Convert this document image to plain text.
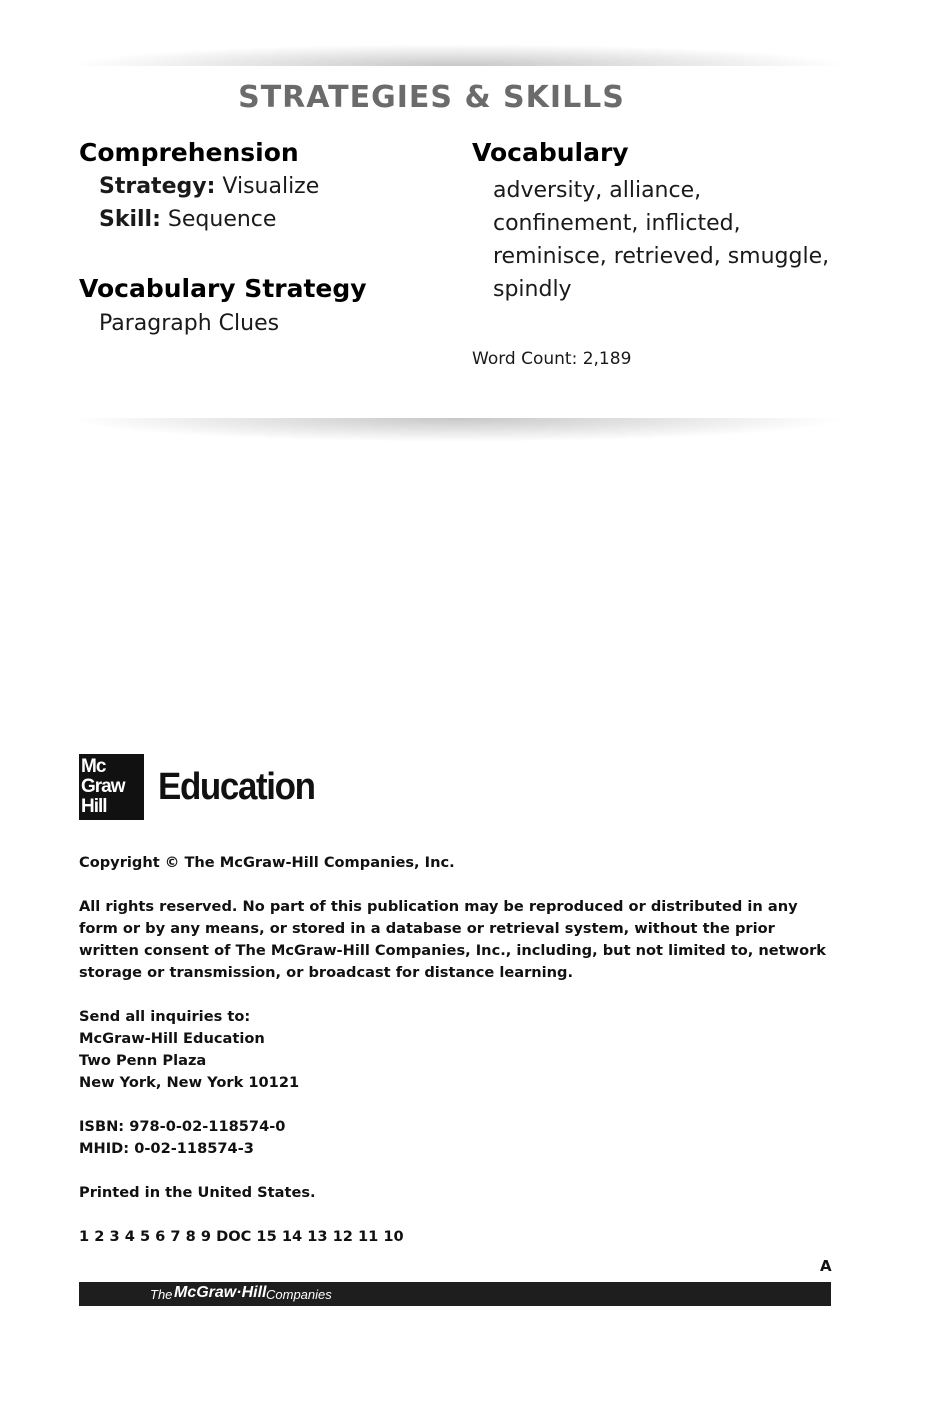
STRATEGIES & SKILLS
Comprehension
Strategy: Visualize
Skill: Sequence
Vocabulary Strategy
Paragraph Clues
Vocabulary
adversity, alliance, confinement, inflicted, reminisce, retrieved, smuggle, spindly
Word Count: 2,189
Mc
Graw
Hill Education

Copyright © The McGraw-Hill Companies, Inc.

All rights reserved. No part of this publication may be reproduced or distributed in any form or by any means, or stored in a database or retrieval system, without the prior written consent of The McGraw-Hill Companies, Inc., including, but not limited to, network storage or transmission, or broadcast for distance learning.

Send all inquiries to:
McGraw-Hill Education
Two Penn Plaza
New York, New York 10121

ISBN: 978-0-02-118574-0
MHID: 0-02-118574-3

Printed in the United States.

1 2 3 4 5 6 7 8 9 DOC 15 14 13 12 11 10

A
The McGraw·Hill Companies
